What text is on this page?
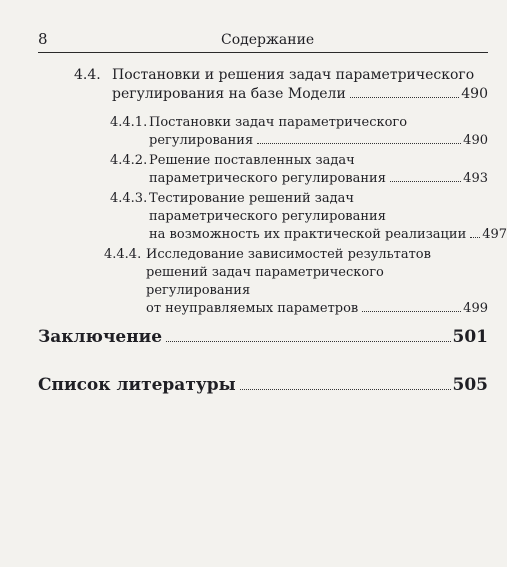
8	Содержание
4.4. Постановки и решения задач параметрического
регулирования на базе Модели	490
4.4.1. Постановки задач параметрического
регулирования	490
4.4.2. Решение поставленных задач
параметрического регулирования	493
4.4.3. Тестирование решений задач
параметрического регулирования
на возможность их практической реализации 497
4.4.4. Исследование зависимостей результатов
решений задач параметрического регулирования
от неуправляемых параметров	499
Заключение	501
Список литературы	505
